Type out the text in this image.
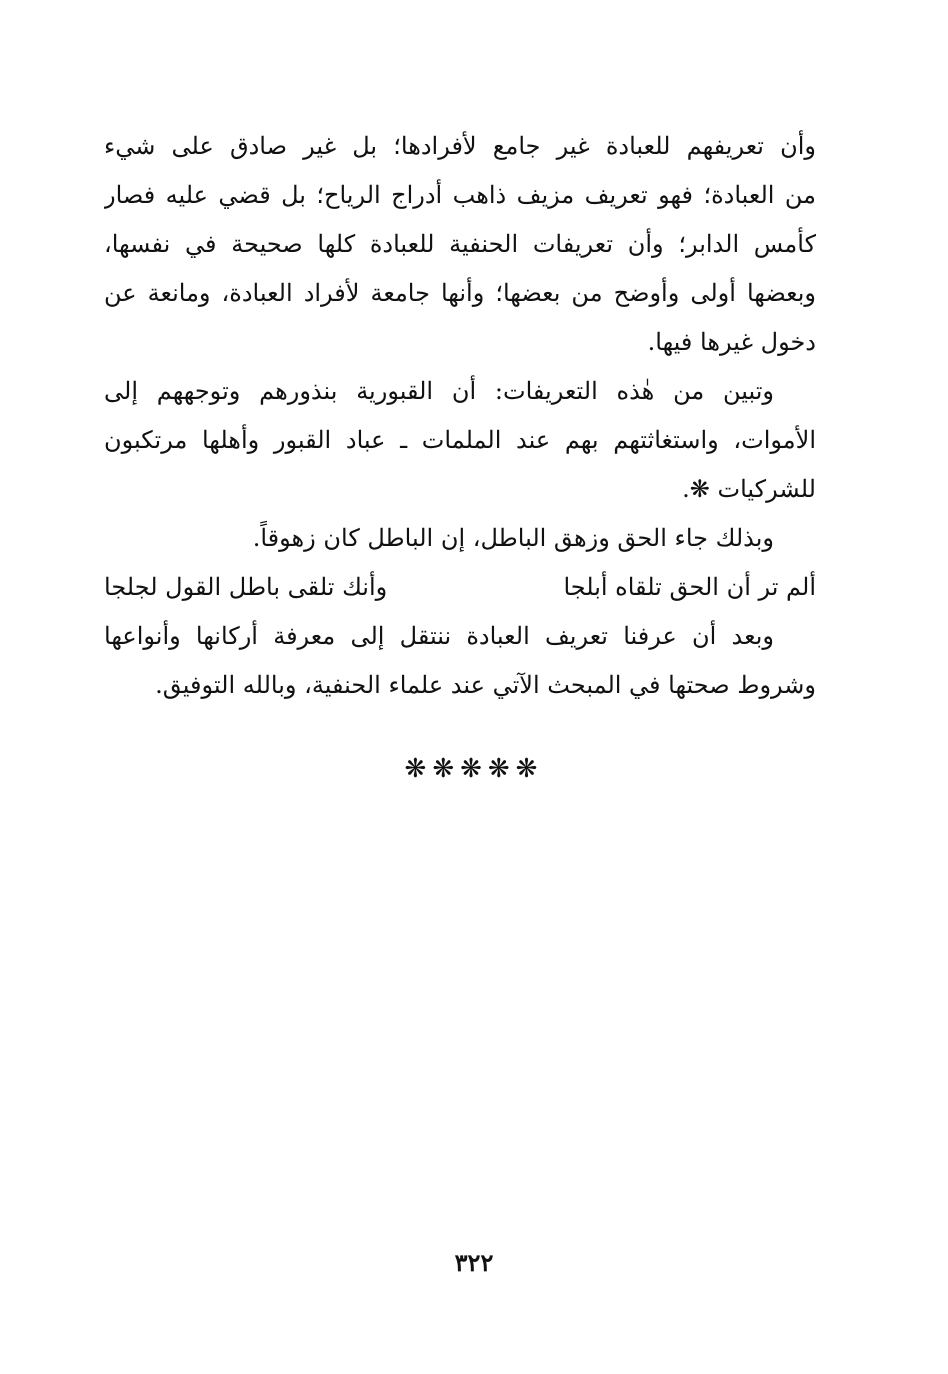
وأن تعريفهم للعبادة غير جامع لأفرادها؛ بل غير صادق على شيء
من العبادة؛ فهو تعريف مزيف ذاهب أدراج الرياح؛ بل قضي عليه فصار
كأمس الدابر؛ وأن تعريفات الحنفية للعبادة كلها صحيحة في نفسها،
وبعضها أولى وأوضح من بعضها؛ وأنها جامعة لأفراد العبادة، ومانعة عن
دخول غيرها فيها.
وتبين من هٰذه التعريفات: أن القبورية بنذورهم وتوجههم إلى
الأموات، واستغاثتهم بهم عند الملمات ـ عباد القبور وأهلها مرتكبون
للشركيات ❋.
وبذلك جاء الحق وزهق الباطل، إن الباطل كان زهوقاً.
ألم تر أن الحق تلقاه أبلجا
وأنك تلقى باطل القول لجلجا
وبعد أن عرفنا تعريف العبادة ننتقل إلى معرفة أركانها وأنواعها
وشروط صحتها في المبحث الآتي عند علماء الحنفية، وبالله التوفيق.
❋❋❋❋❋
٣٢٢
